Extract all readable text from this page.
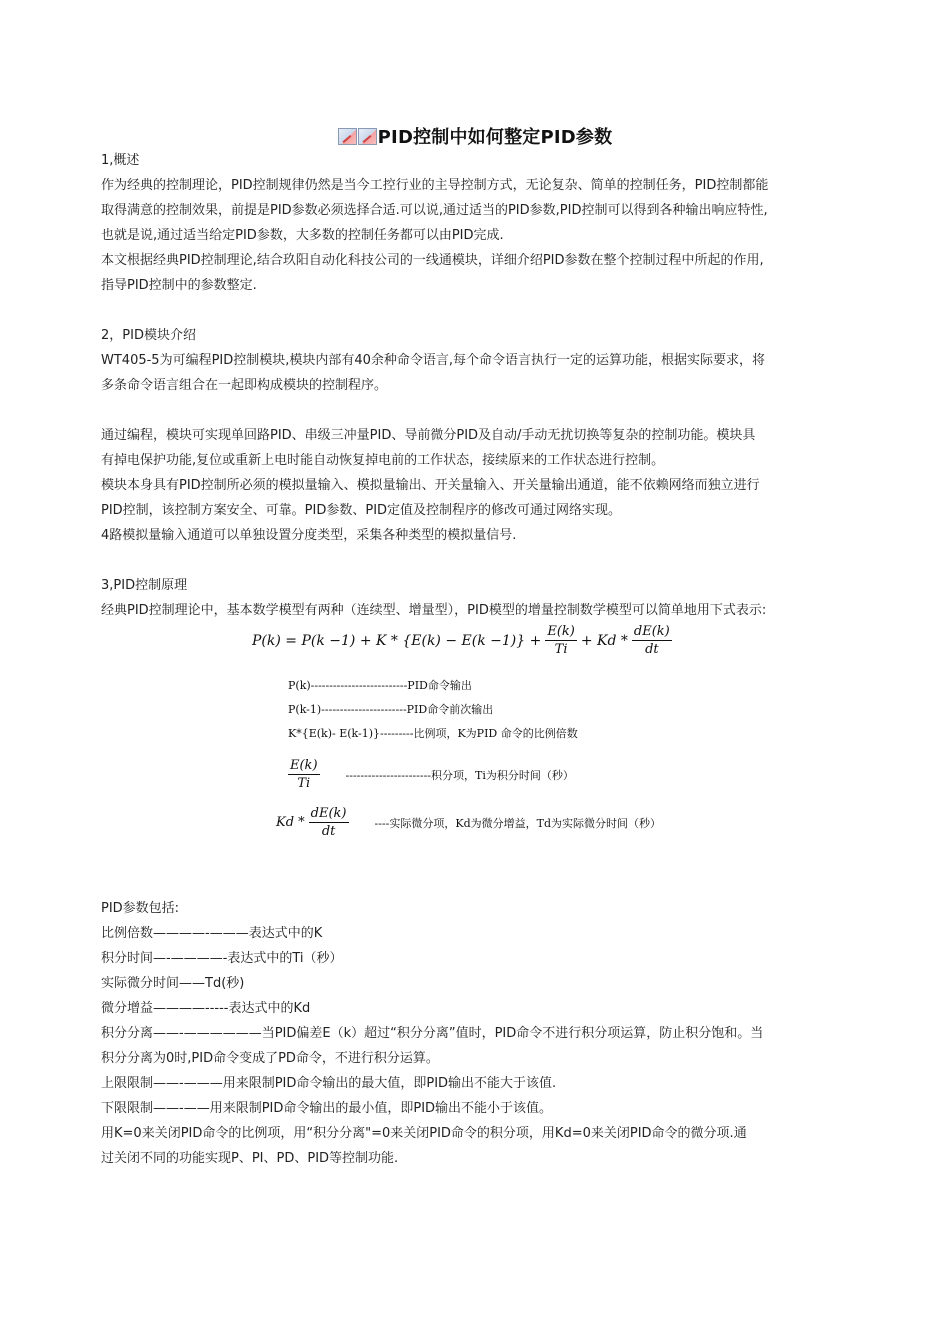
PID控制中如何整定PID参数
1,概述
作为经典的控制理论，PID控制规律仍然是当今工控行业的主导控制方式，无论复杂、简单的控制任务，PID控制都能
取得满意的控制效果，前提是PID参数必须选择合适.可以说,通过适当的PID参数,PID控制可以得到各种输出响应特性,
也就是说,通过适当给定PID参数，大多数的控制任务都可以由PID完成.
本文根据经典PID控制理论,结合玖阳自动化科技公司的一线通模块，详细介绍PID参数在整个控制过程中所起的作用,
指导PID控制中的参数整定.
2，PID模块介绍
WT405-5为可编程PID控制模块,模块内部有40余种命令语言,每个命令语言执行一定的运算功能，根据实际要求，将
多条命令语言组合在一起即构成模块的控制程序。
通过编程，模块可实现单回路PID、串级三冲量PID、导前微分PID及自动/手动无扰切换等复杂的控制功能。模块具
有掉电保护功能,复位或重新上电时能自动恢复掉电前的工作状态，接续原来的工作状态进行控制。
模块本身具有PID控制所必须的模拟量输入、模拟量输出、开关量输入、开关量输出通道，能不依赖网络而独立进行
PID控制，该控制方案安全、可靠。PID参数、PID定值及控制程序的修改可通过网络实现。
4路模拟量输入通道可以单独设置分度类型，采集各种类型的模拟量信号.
3,PID控制原理
经典PID控制理论中，基本数学模型有两种（连续型、增量型），PID模型的增量控制数学模型可以简单地用下式表示:
$P(k) = P(k -1) + K * \{E(k) - E(k -1)\} + \frac{E(k)}{Ti} + Kd * \frac{dE(k)}{dt}$
P(k)--------------------------PID命令输出
P(k-1)-----------------------PID命令前次输出
K*{E(k)- E(k-1)}---------比例项，K为PID 命令的比例倍数
$\frac{E(k)}{Ti}$ -----------------------积分项，Ti为积分时间（秒）
Kd * $\frac{dE(k)}{dt}$ ----实际微分项，Kd为微分增益，Td为实际微分时间（秒）
PID参数包括:
比例倍数————-———表达式中的K
积分时间—-————-表达式中的Ti（秒）
实际微分时间——Td(秒)
微分增益————-----表达式中的Kd
积分分离——-——————当PID偏差E（k）超过“积分分离”值时，PID命令不进行积分项运算，防止积分饱和。当
积分分离为0时,PID命令变成了PD命令，不进行积分运算。
上限限制——-———用来限制PID命令输出的最大值，即PID输出不能大于该值.
下限限制——-——用来限制PID命令输出的最小值，即PID输出不能小于该值。
用K=0来关闭PID命令的比例项，用“积分分离"=0来关闭PID命令的积分项，用Kd=0来关闭PID命令的微分项.通
过关闭不同的功能实现P、PI、PD、PID等控制功能.
